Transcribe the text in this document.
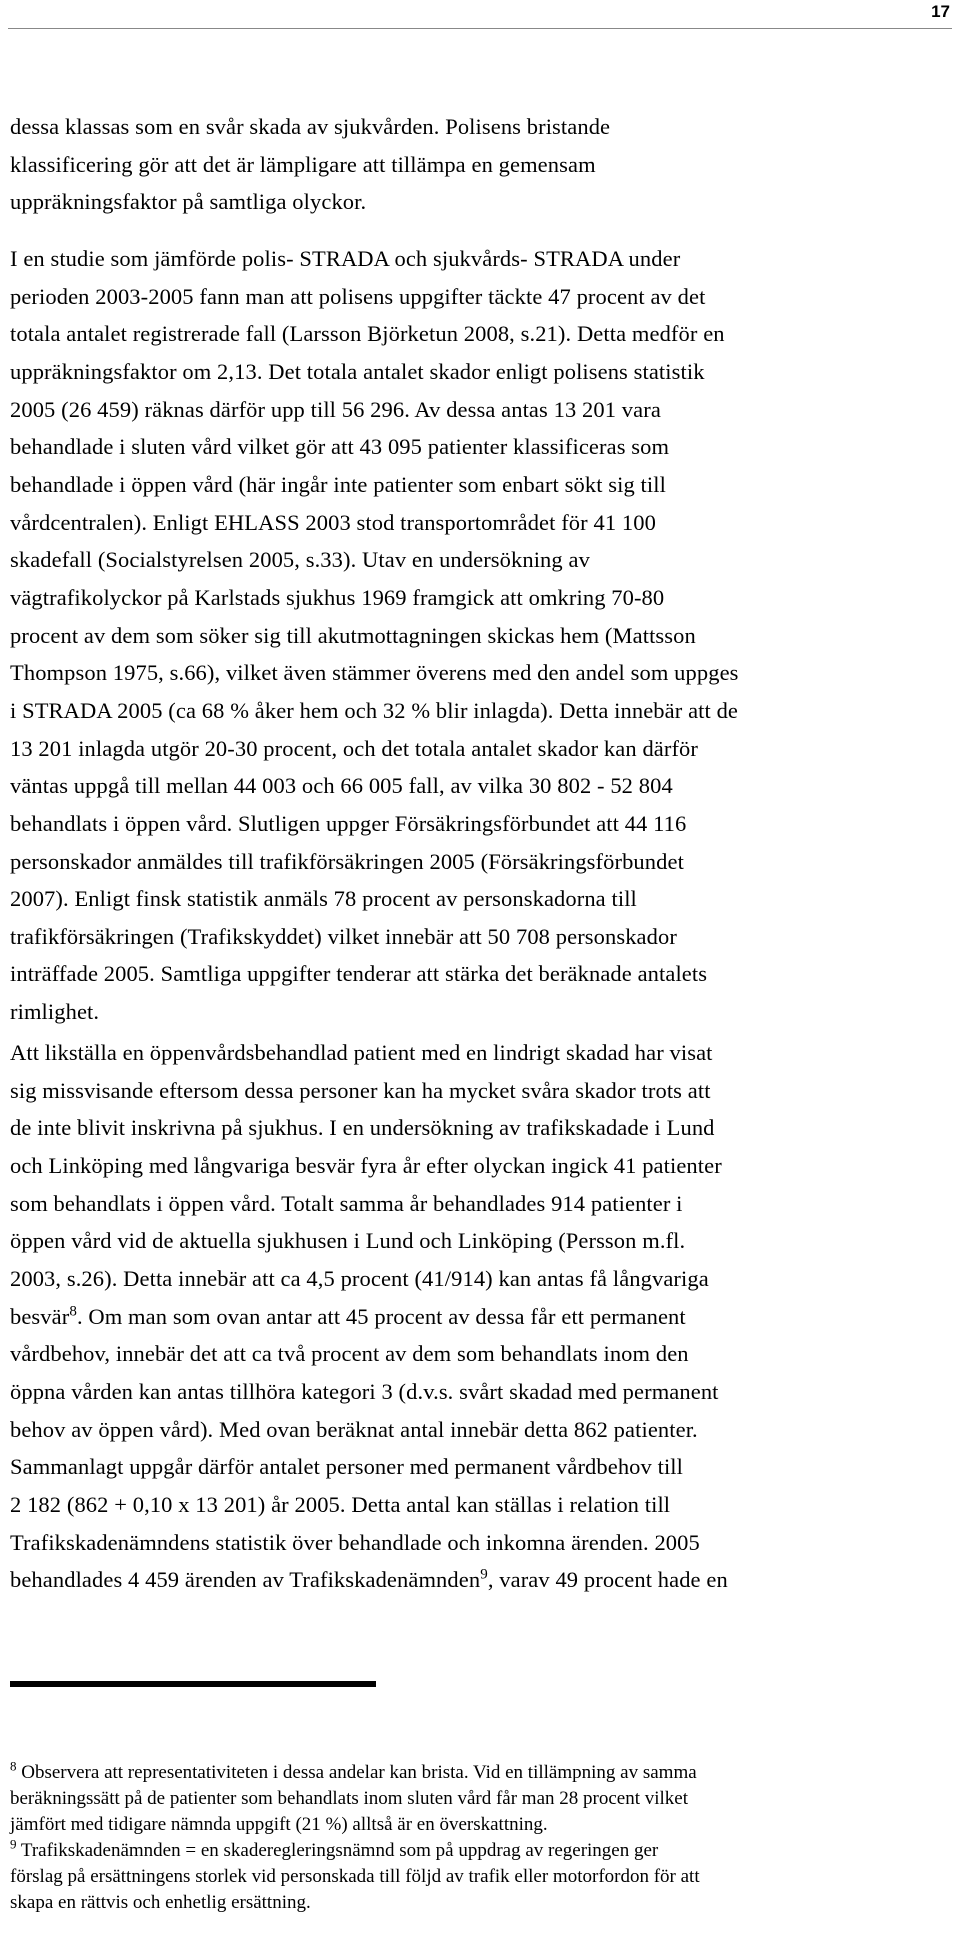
17

dessa klassas som en svår skada av sjukvården. Polisens bristande
klassificering gör att det är lämpligare att tillämpa en gemensam
uppräkningsfaktor på samtliga olyckor.

I en studie som jämförde polis- STRADA och sjukvårds- STRADA under
perioden 2003-2005 fann man att polisens uppgifter täckte 47 procent av det
totala antalet registrerade fall (Larsson Björketun 2008, s.21). Detta medför en
uppräkningsfaktor om 2,13. Det totala antalet skador enligt polisens statistik
2005 (26 459) räknas därför upp till 56 296. Av dessa antas 13 201 vara
behandlade i sluten vård vilket gör att 43 095 patienter klassificeras som
behandlade i öppen vård (här ingår inte patienter som enbart sökt sig till
vårdcentralen). Enligt EHLASS 2003 stod transportområdet för 41 100
skadefall (Socialstyrelsen 2005, s.33). Utav en undersökning av
vägtrafikolyckor på Karlstads sjukhus 1969 framgick att omkring 70-80
procent av dem som söker sig till akutmottagningen skickas hem (Mattsson
Thompson 1975, s.66), vilket även stämmer överens med den andel som uppges
i STRADA 2005 (ca 68 % åker hem och 32 % blir inlagda). Detta innebär att de
13 201 inlagda utgör 20-30 procent, och det totala antalet skador kan därför
väntas uppgå till mellan 44 003 och 66 005 fall, av vilka 30 802 - 52 804
behandlats i öppen vård. Slutligen uppger Försäkringsförbundet att 44 116
personskador anmäldes till trafikförsäkringen 2005 (Försäkringsförbundet
2007). Enligt finsk statistik anmäls 78 procent av personskadorna till
trafikförsäkringen (Trafikskyddet) vilket innebär att 50 708 personskador
inträffade 2005. Samtliga uppgifter tenderar att stärka det beräknade antalets
rimlighet.

Att likställa en öppenvårdsbehandlad patient med en lindrigt skadad har visat
sig missvisande eftersom dessa personer kan ha mycket svåra skador trots att
de inte blivit inskrivna på sjukhus. I en undersökning av trafikskadade i Lund
och Linköping med långvariga besvär fyra år efter olyckan ingick 41 patienter
som behandlats i öppen vård. Totalt samma år behandlades 914 patienter i
öppen vård vid de aktuella sjukhusen i Lund och Linköping (Persson m.fl.
2003, s.26). Detta innebär att ca 4,5 procent (41/914) kan antas få långvariga
besvär$^8$. Om man som ovan antar att 45 procent av dessa får ett permanent
vårdbehov, innebär det att ca två procent av dem som behandlats inom den
öppna vården kan antas tillhöra kategori 3 (d.v.s. svårt skadad med permanent
behov av öppen vård). Med ovan beräknat antal innebär detta 862 patienter.
Sammanlagt uppgår därför antalet personer med permanent vårdbehov till
2 182 (862 + 0,10 x 13 201) år 2005. Detta antal kan ställas i relation till
Trafikskadenämndens statistik över behandlade och inkomna ärenden. 2005
behandlades 4 459 ärenden av Trafikskadenämnden$^9$, varav 49 procent hade en

$^8$ Observera att representativiteten i dessa andelar kan brista. Vid en tillämpning av samma
beräkningssätt på de patienter som behandlats inom sluten vård får man 28 procent vilket
jämfört med tidigare nämnda uppgift (21 %) alltså är en överskattning.

$^9$ Trafikskadenämnden = en skaderegleringsnämnd som på uppdrag av regeringen ger
förslag på ersättningens storlek vid personskada till följd av trafik eller motorfordon för att
skapa en rättvis och enhetlig ersättning.
